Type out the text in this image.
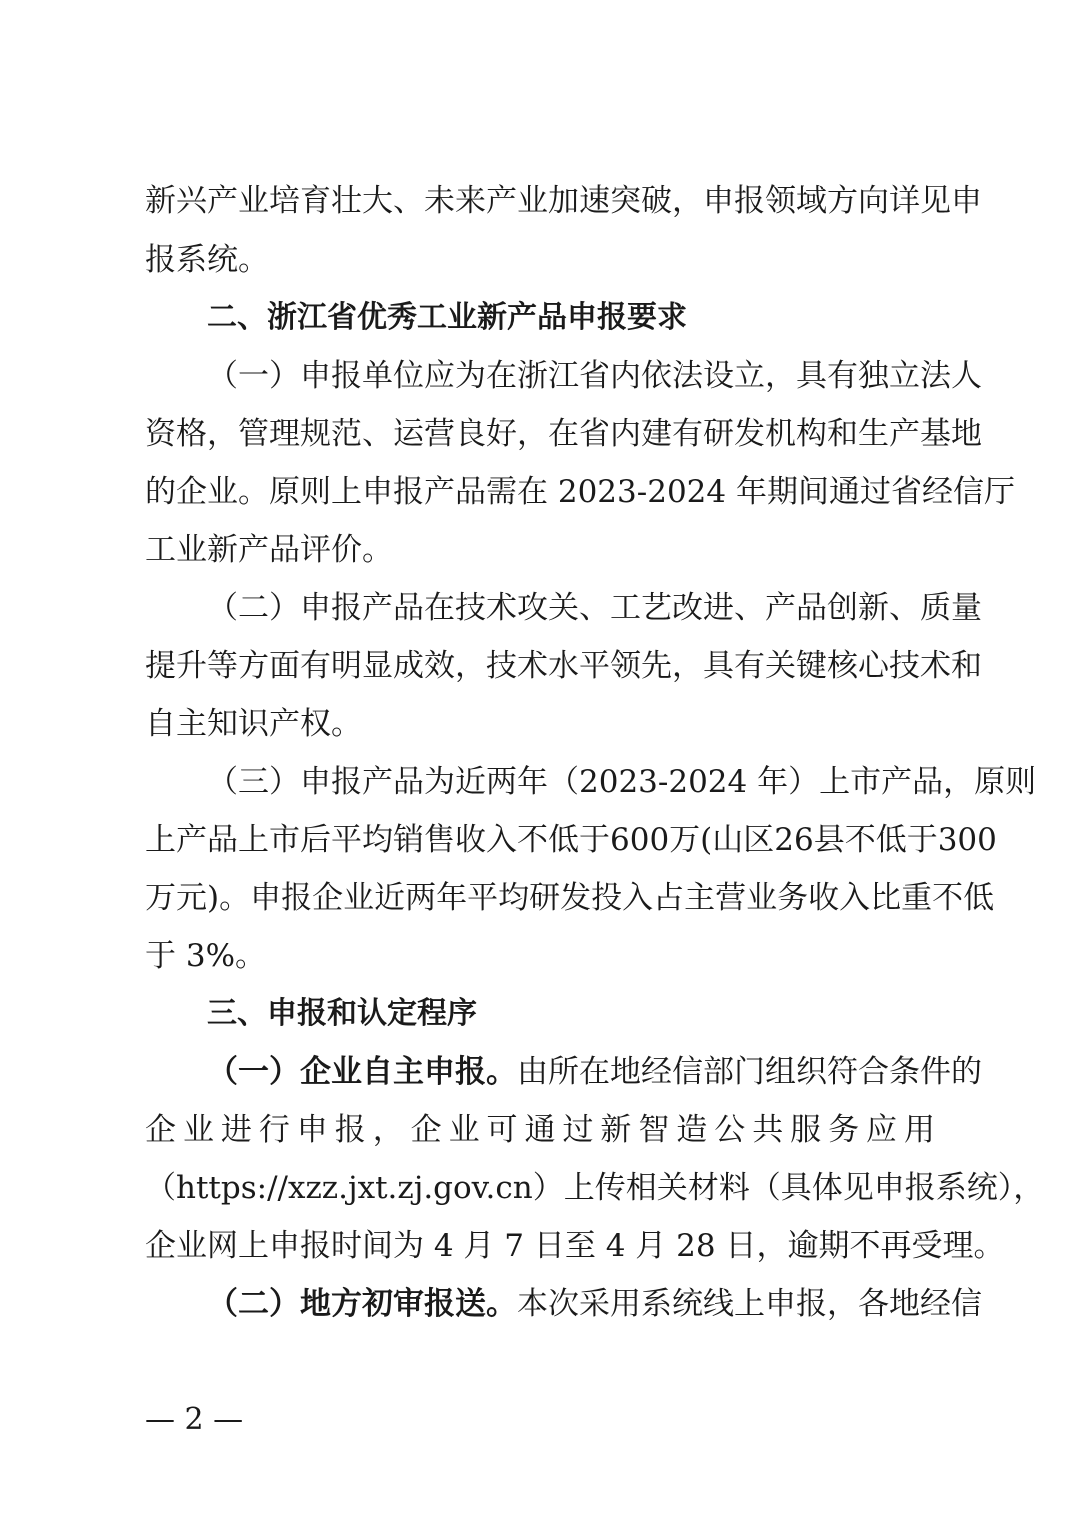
新兴产业培育壮大、未来产业加速突破，申报领域方向详见申
报系统。
二、浙江省优秀工业新产品申报要求
（一）申报单位应为在浙江省内依法设立，具有独立法人
资格，管理规范、运营良好，在省内建有研发机构和生产基地
的企业。原则上申报产品需在 2023-2024 年期间通过省经信厅
工业新产品评价。
（二）申报产品在技术攻关、工艺改进、产品创新、质量
提升等方面有明显成效，技术水平领先，具有关键核心技术和
自主知识产权。
（三）申报产品为近两年（2023-2024 年）上市产品，原则
上产品上市后平均销售收入不低于600万(山区26县不低于300
万元)。申报企业近两年平均研发投入占主营业务收入比重不低
于 3%。
三、申报和认定程序
（一）企业自主申报。由所在地经信部门组织符合条件的
企业进行申报，企业可通过新智造公共服务应用
（https://xzz.jxt.zj.gov.cn）上传相关材料（具体见申报系统），
企业网上申报时间为 4 月 7 日至 4 月 28 日，逾期不再受理。
（二）地方初审报送。本次采用系统线上申报，各地经信
— 2 —
